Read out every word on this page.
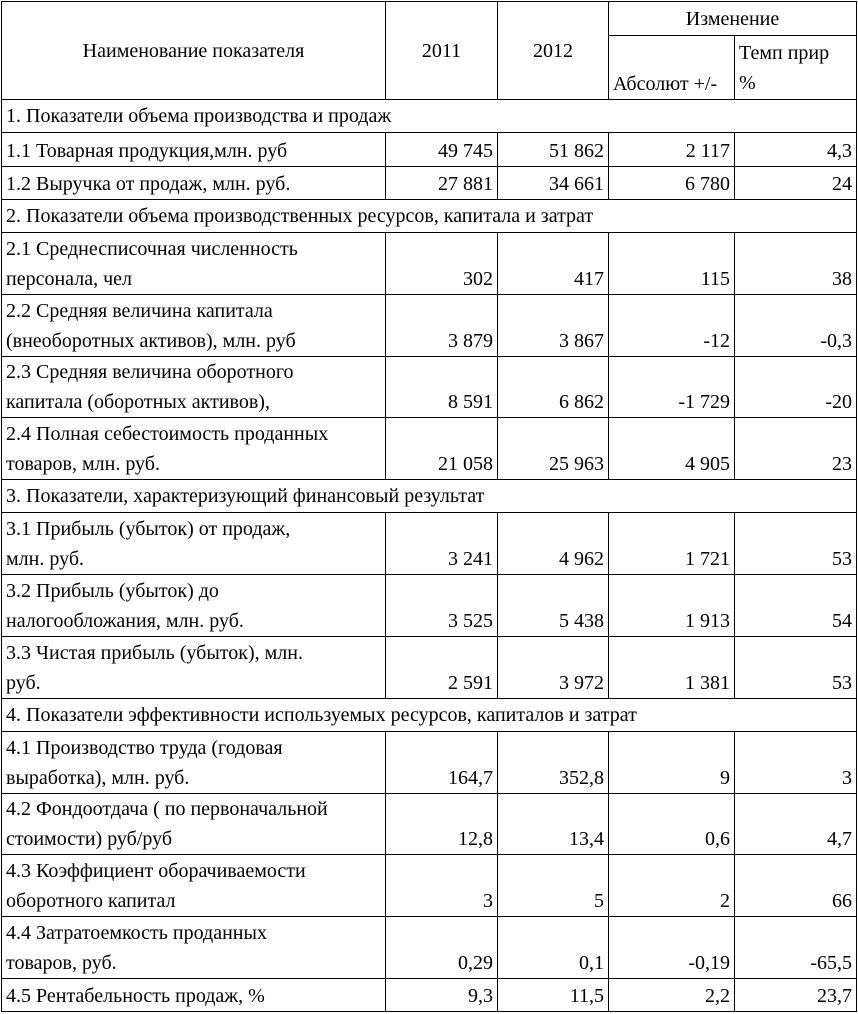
Наименование показателя	2011	2012	Изменение	
			Абсолют +/-	Темп прир
%
1. Показатели объема производства и продаж				
1.1 Товарная продукция,млн. руб	49 745	51 862	2 117	4,3
1.2 Выручка от продаж, млн. руб.	27 881	34 661	6 780	24
2. Показатели объема производственных ресурсов, капитала и затрат				
2.1 Среднесписочная численность
персонала, чел	302	417	115	38
2.2 Средняя величина капитала
(внеоборотных активов), млн. руб	3 879	3 867	-12	-0,3
2.3 Средняя величина оборотного
капитала (оборотных активов),	8 591	6 862	-1 729	-20
2.4 Полная себестоимость проданных
товаров, млн. руб.	21 058	25 963	4 905	23
3. Показатели, характеризующий финансовый результат				
3.1 Прибыль (убыток) от продаж,
млн. руб.	3 241	4 962	1 721	53
3.2 Прибыль (убыток) до
налогообложания, млн. руб.	3 525	5 438	1 913	54
3.3 Чистая прибыль (убыток), млн.
руб.	2 591	3 972	1 381	53
4. Показатели эффективности используемых ресурсов, капиталов и затрат				
4.1 Производство труда (годовая
выработка), млн. руб.	164,7	352,8	9	3
4.2 Фондоотдача ( по первоначальной
стоимости) руб/руб	12,8	13,4	0,6	4,7
4.3 Коэффициент оборачиваемости
оборотного капитал	3	5	2	66
4.4 Затратоемкость проданных
товаров, руб.	0,29	0,1	-0,19	-65,5
4.5 Рентабельность продаж, %	9,3	11,5	2,2	23,7
